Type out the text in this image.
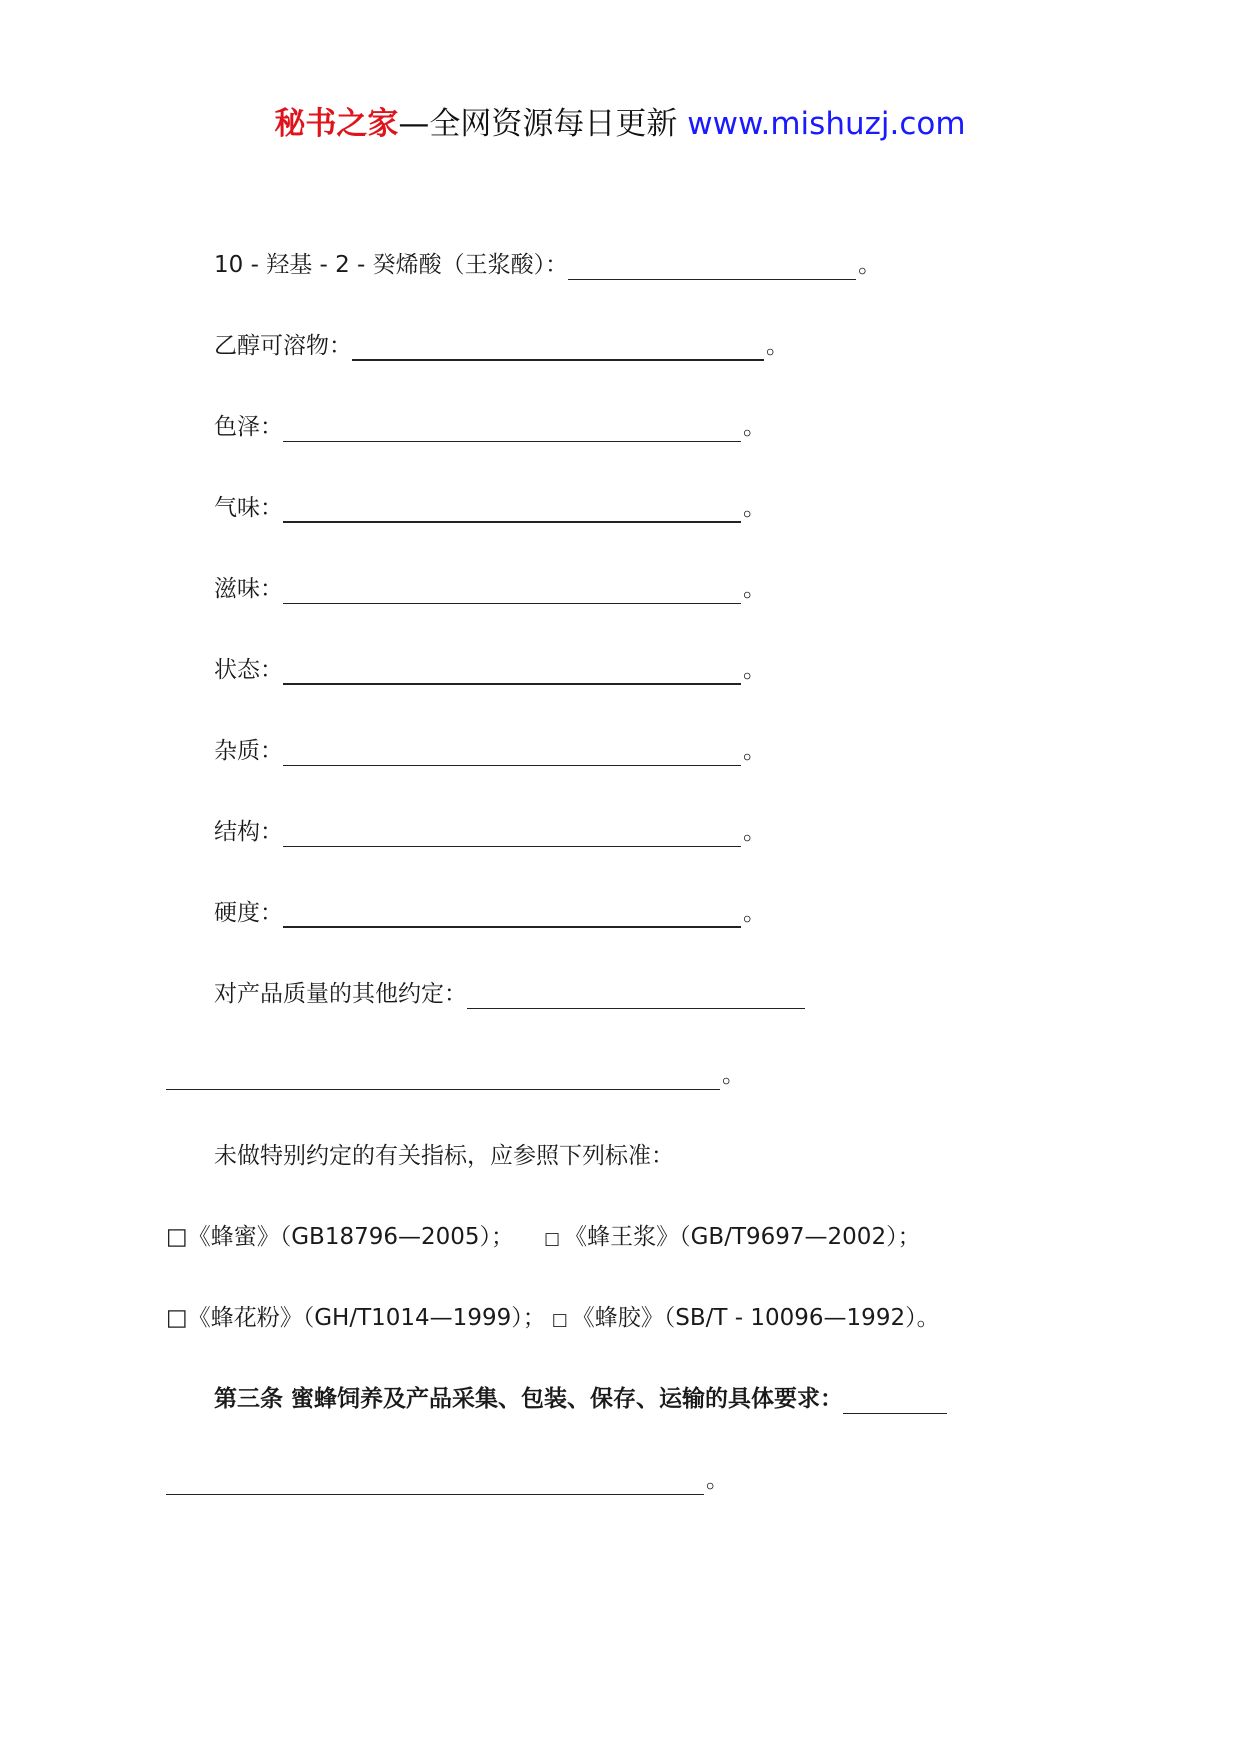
秘书之家—全网资源每日更新 www.mishuzj.com
10 - 羟基 - 2 - 癸烯酸（王浆酸）：	。
乙醇可溶物：	。
色泽：	。
气味：	。
滋味：	。
状态：	。
杂质：	。
结构：	。
硬度：	。
对产品质量的其他约定：
。
未做特别约定的有关指标，应参照下列标准：
□《蜂蜜》（GB18796—2005）； □ 《蜂王浆》（GB/T9697—2002）；
□《蜂花粉》（GH/T1014—1999）； □ 《蜂胶》（SB/T - 10096—1992）。
第三条 蜜蜂饲养及产品采集、包装、保存、运输的具体要求：
。
